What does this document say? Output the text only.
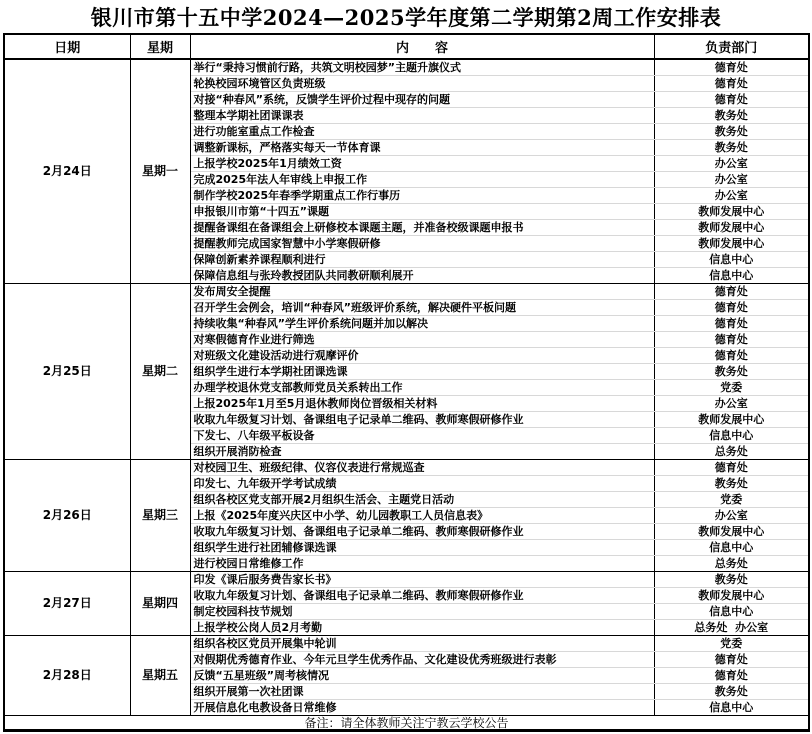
银川市第十五中学2024—2025学年度第二学期第2周工作安排表
日期	星期	内　　容	负责部门
2月24日	星期一	举行“秉持习惯前行路，共筑文明校园梦”主题升旗仪式	德育处
		轮换校园环境管区负责班级	德育处
		对接“种春风”系统，反馈学生评价过程中现存的问题	德育处
		整理本学期社团课课表	教务处
		进行功能室重点工作检查	教务处
		调整新课标，严格落实每天一节体育课	教务处
		上报学校2025年1月绩效工资	办公室
		完成2025年法人年审线上申报工作	办公室
		制作学校2025年春季学期重点工作行事历	办公室
		申报银川市第“十四五”课题	教师发展中心
		提醒备课组在备课组会上研修校本课题主题，并准备校级课题申报书	教师发展中心
		提醒教师完成国家智慧中小学寒假研修	教师发展中心
		保障创新素养课程顺利进行	信息中心
		保障信息组与张玲教授团队共同教研顺利展开	信息中心
2月25日	星期二	发布周安全提醒	德育处
		召开学生会例会，培训“种春风”班级评价系统，解决硬件平板问题	德育处
		持续收集“种春风”学生评价系统问题并加以解决	德育处
		对寒假德育作业进行筛选	德育处
		对班级文化建设活动进行观摩评价	德育处
		组织学生进行本学期社团课选课	教务处
		办理学校退休党支部教师党员关系转出工作	党委
		上报2025年1月至5月退休教师岗位晋级相关材料	办公室
		收取九年级复习计划、备课组电子记录单二维码、教师寒假研修作业	教师发展中心
		下发七、八年级平板设备	信息中心
		组织开展消防检查	总务处
2月26日	星期三	对校园卫生、班级纪律、仪容仪表进行常规巡查	德育处
		印发七、九年级开学考试成绩	教务处
		组织各校区党支部开展2月组织生活会、主题党日活动	党委
		上报《2025年度兴庆区中小学、幼儿园教职工人员信息表》	办公室
		收取九年级复习计划、备课组电子记录单二维码、教师寒假研修作业	教师发展中心
		组织学生进行社团辅修课选课	信息中心
		进行校园日常维修工作	总务处
2月27日	星期四	印发《课后服务费告家长书》	教务处
		收取九年级复习计划、备课组电子记录单二维码、教师寒假研修作业	教师发展中心
		制定校园科技节规划	信息中心
		上报学校公岗人员2月考勤	总务处  办公室
2月28日	星期五	组织各校区党员开展集中轮训	党委
		对假期优秀德育作业、今年元旦学生优秀作品、文化建设优秀班级进行表彰	德育处
		反馈“五星班级”周考核情况	德育处
		组织开展第一次社团课	教务处
		开展信息化电教设备日常维修	信息中心
备注：请全体教师关注宁教云学校公告			
